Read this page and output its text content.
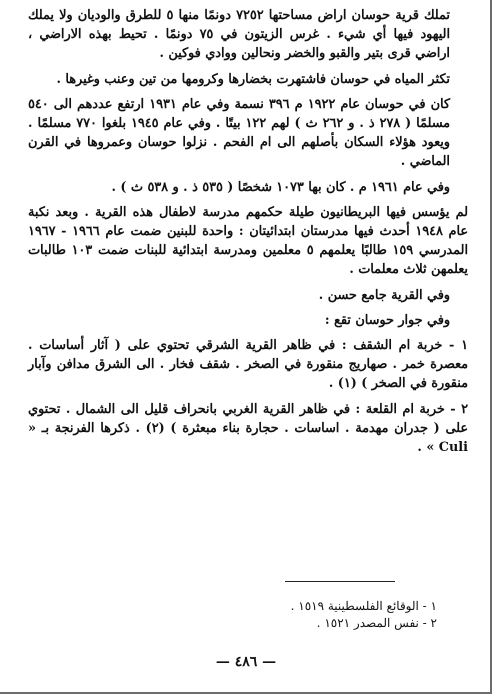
تملك قرية حوسان اراض مساحتها ٧٢٥٢ دونمًا منها ٥ للطرق والوديان ولا يملك اليهود فيها أي شيء . غرس الزيتون في ٧٥ دونمًا . تحيط بهذه الاراضي ، اراضي قرى بتير والقبو والخضر ونحالين ووادي فوكين .

تكثر المياه في حوسان فاشتهرت بخضارها وكرومها من تين وعنب وغيرها .

كان في حوسان عام ١٩٢٢ م ٣٩٦ نسمة وفي عام ١٩٣١ ارتفع عددهم الى ٥٤٠ مسلمًا ( ٢٧٨ ذ . و ٢٦٢ ث ) لهم ١٢٢ بيتًا . وفي عام ١٩٤٥ بلغوا ٧٧٠ مسلمًا . ويعود هؤلاء السكان بأصلهم الى ام الفحم . نزلوا حوسان وعمروها في القرن الماضي .

وفي عام ١٩٦١ م . كان بها ١٠٧٣ شخصًا ( ٥٣٥ ذ . و ٥٣٨ ث ) .

لم يؤسس فيها البريطانيون طيلة حكمهم مدرسة لاطفال هذه القرية . وبعد نكبة عام ١٩٤٨ أحدث فيها مدرستان ابتدائيتان : واحدة للبنين ضمت عام ١٩٦٦ - ١٩٦٧ المدرسي ١٥٩ طالبًا يعلمهم ٥ معلمين ومدرسة ابتدائية للبنات ضمت ١٠٣ طالبات يعلمهن ثلاث معلمات .

وفي القرية جامع حسن .

وفي جوار حوسان تقع :

١ - خربة ام الشقف : في ظاهر القرية الشرقي تحتوي على ( آثار أساسات . معصرة خمر . صهاريج منقورة في الصخر . شقف فخار . الى الشرق مدافن وآبار منقورة في الصخر ) (١) .

٢ - خربة ام القلعة : في ظاهر القرية الغربي بانحراف قليل الى الشمال . تحتوي على ( جدران مهدمة . اساسات . حجارة بناء مبعثرة ) (٢) . ذكرها الفرنجة بـ « Culi » .

١ - الوقائع الفلسطينية ١٥١٩ .

٢ - نفس المصدر ١٥٢١ .

— ٤٨٦ —
